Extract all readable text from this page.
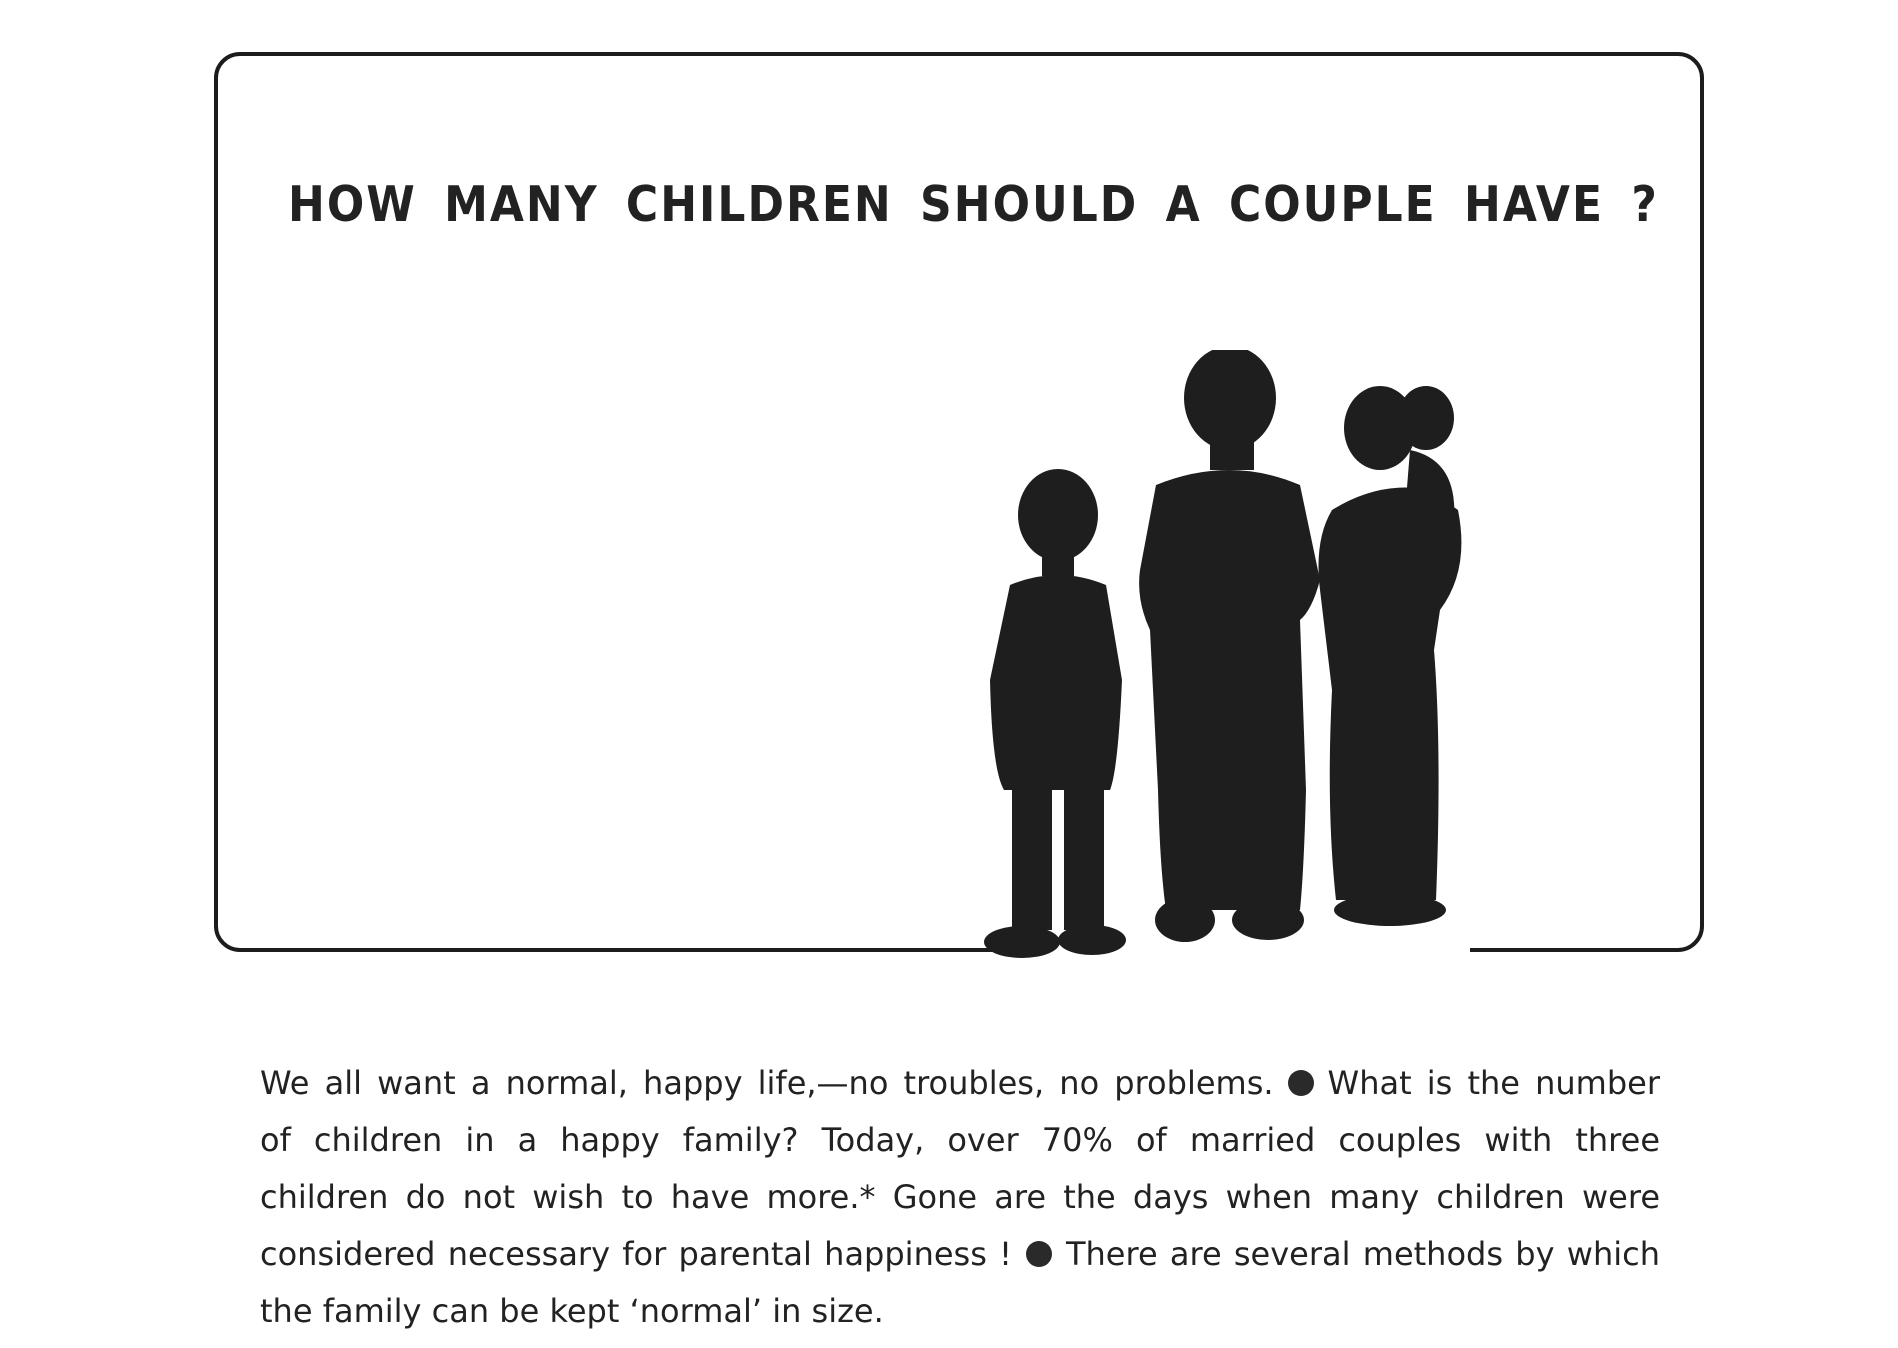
HOW MANY CHILDREN SHOULD A COUPLE HAVE ?
We all want a normal, happy life,—no troubles, no problems. What is the number
of children in a happy family? Today, over 70% of married couples with three
children do not wish to have more.* Gone are the days when many children were
considered necessary for parental happiness ! There are several methods by which
the family can be kept ‘normal’ in size.
